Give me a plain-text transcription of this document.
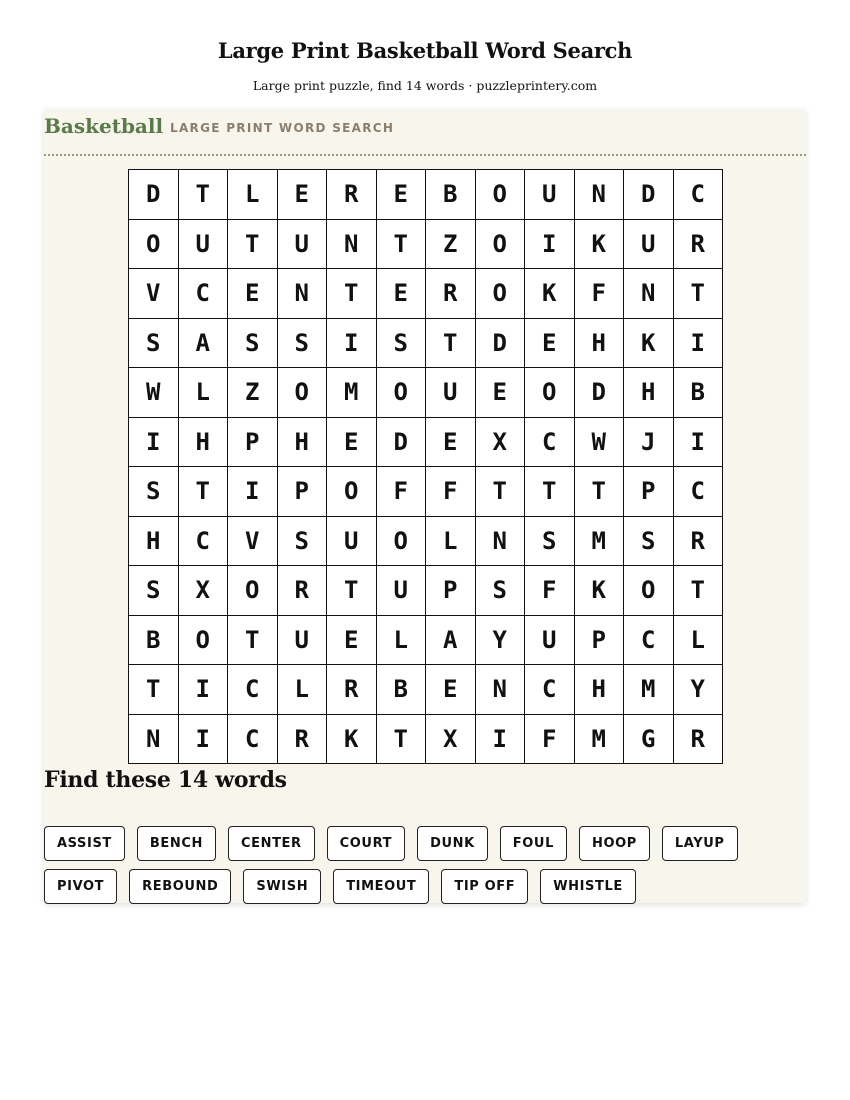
Large Print Basketball Word Search

Large print puzzle, find 14 words · puzzleprintery.com

Basketball LARGE PRINT WORD SEARCH
D	T	L	E	R	E	B	O	U	N	D	C
O	U	T	U	N	T	Z	O	I	K	U	R
V	C	E	N	T	E	R	O	K	F	N	T
S	A	S	S	I	S	T	D	E	H	K	I
W	L	Z	O	M	O	U	E	O	D	H	B
I	H	P	H	E	D	E	X	C	W	J	I
S	T	I	P	O	F	F	T	T	T	P	C
H	C	V	S	U	O	L	N	S	M	S	R
S	X	O	R	T	U	P	S	F	K	O	T
B	O	T	U	E	L	A	Y	U	P	C	L
T	I	C	L	R	B	E	N	C	H	M	Y
N	I	C	R	K	T	X	I	F	M	G	R
Find these 14 words
ASSIST	BENCH	CENTER	COURT	DUNK	FOUL	HOOP	LAYUP
PIVOT	REBOUND	SWISH	TIMEOUT	TIP OFF	WHISTLE
